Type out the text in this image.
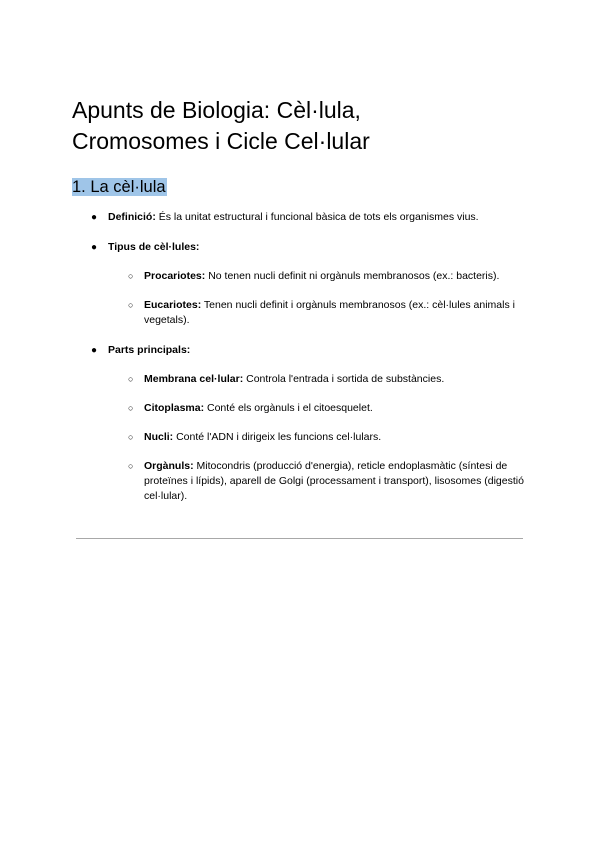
Apunts de Biologia: Cèl·lula,
Cromosomes i Cicle Cel·lular
1. La cèl·lula
● Definició: És la unitat estructural i funcional bàsica de tots els organismes vius.
● Tipus de cèl·lules:
○ Procariotes: No tenen nucli definit ni orgànuls membranosos (ex.: bacteris).
○ Eucariotes: Tenen nucli definit i orgànuls membranosos (ex.: cèl·lules animals i vegetals).
● Parts principals:
○ Membrana cel·lular: Controla l'entrada i sortida de substàncies.
○ Citoplasma: Conté els orgànuls i el citoesquelet.
○ Nucli: Conté l'ADN i dirigeix les funcions cel·lulars.
○ Orgànuls: Mitocondris (producció d'energia), reticle endoplasmàtic (síntesi de proteïnes i lípids), aparell de Golgi (processament i transport), lisosomes (digestió cel·lular).
